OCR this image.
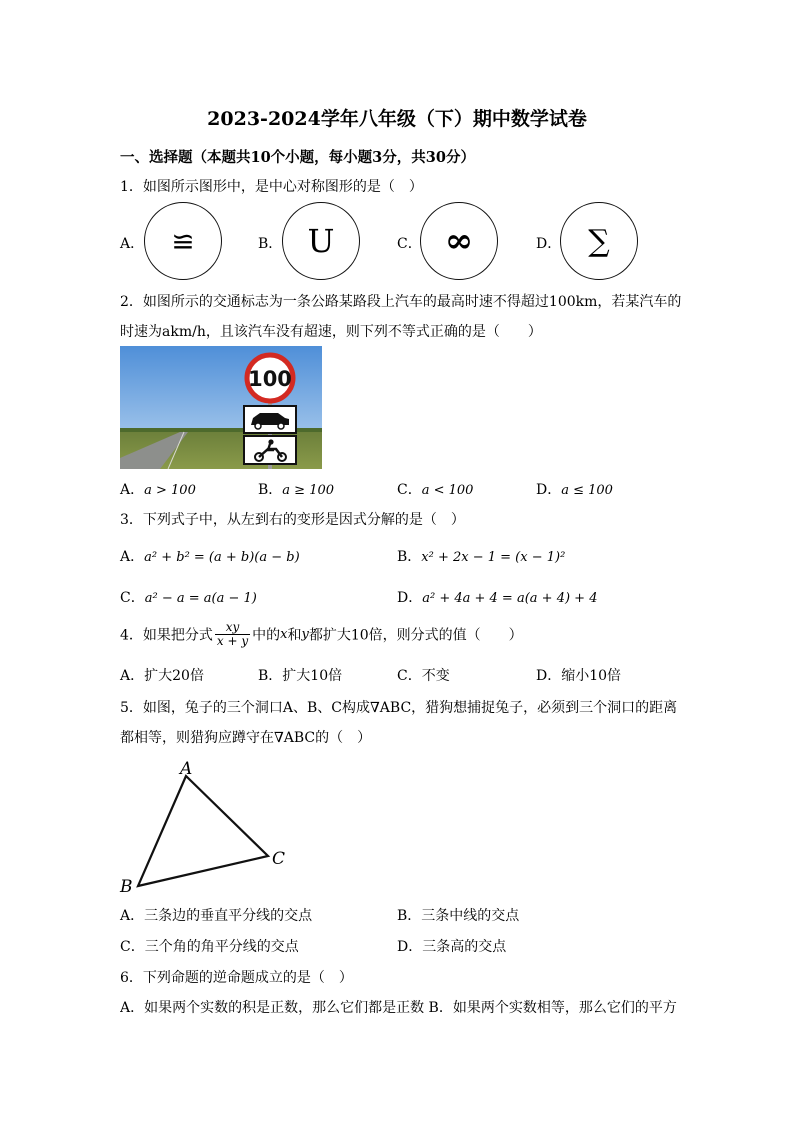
2023-2024学年八年级（下）期中数学试卷
一、选择题（本题共10个小题，每小题3分，共30分）
1．如图所示图形中，是中心对称图形的是（　）
A． ≌	B． U	C． ∞	D． ∑
2．如图所示的交通标志为一条公路某路段上汽车的最高时速不得超过100km，若某汽车的
时速为akm/h，且该汽车没有超速，则下列不等式正确的是（　　）
100
A．a > 100	B．a ≥ 100	C．a < 100	D．a ≤ 100
3．下列式子中，从左到右的变形是因式分解的是（　）
A．a² + b² = (a + b)(a − b)	B．x² + 2x − 1 = (x − 1)²
C．a² − a = a(a − 1)	D．a² + 4a + 4 = a(a + 4) + 4
4．如果把分式 $\frac{xy}{x + y}$ 中的x和y都扩大10倍，则分式的值（　　）
A．扩大20倍	B．扩大10倍	C．不变	D．缩小10倍
5．如图，兔子的三个洞口A、B、C构成∇ABC，猎狗想捕捉兔子，必须到三个洞口的距离
都相等，则猎狗应蹲守在∇ABC的（　）
A
B
C
A．三条边的垂直平分线的交点	B．三条中线的交点
C．三个角的角平分线的交点	D．三条高的交点
6．下列命题的逆命题成立的是（　）
A．如果两个实数的积是正数，那么它们都是正数 B．如果两个实数相等，那么它们的平方
